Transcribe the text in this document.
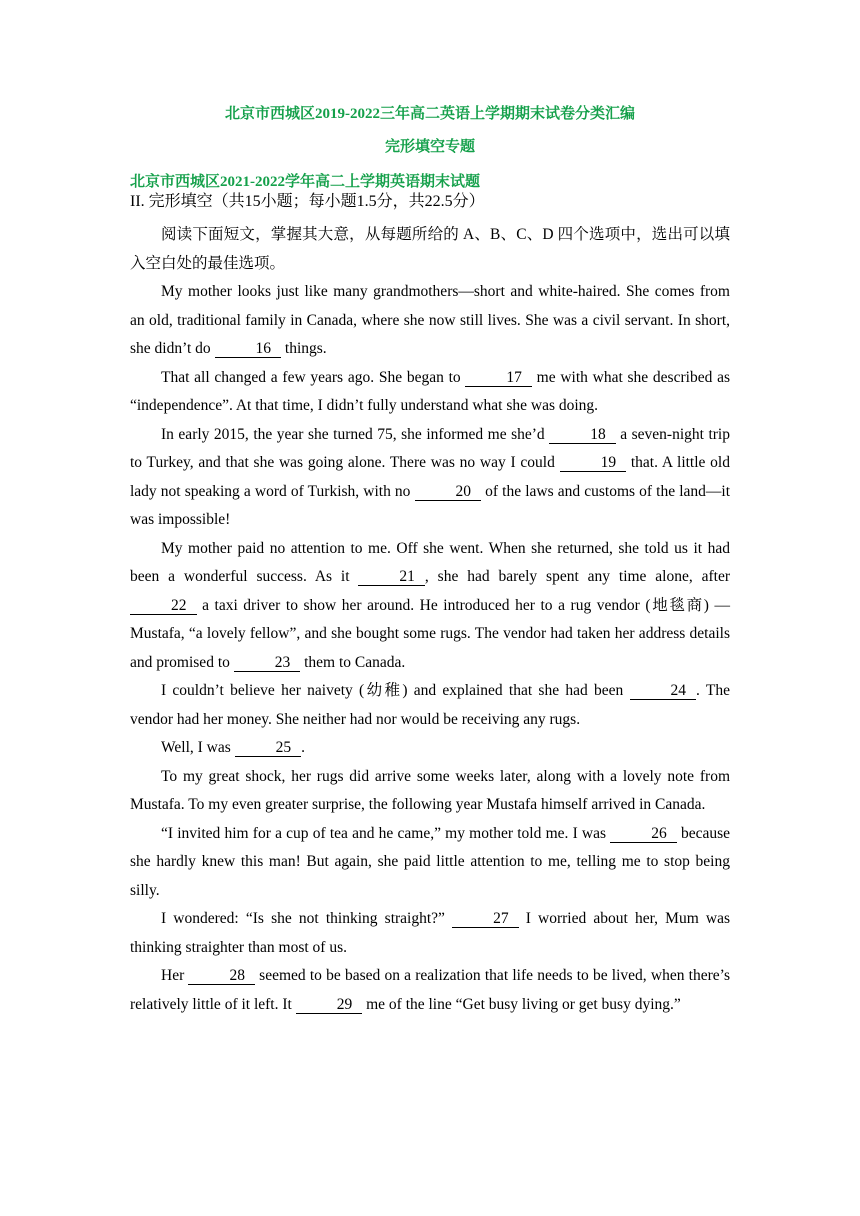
北京市西城区2019-2022三年高二英语上学期期末试卷分类汇编
完形填空专题
北京市西城区2021-2022学年高二上学期英语期末试题
II. 完形填空（共15小题；每小题1.5分，共22.5分）

阅读下面短文，掌握其大意，从每题所给的 A、B、C、D 四个选项中，选出可以填入空白处的最佳选项。

My mother looks just like many grandmothers—short and white-haired. She comes from an old, traditional family in Canada, where she now still lives. She was a civil servant. In short, she didn’t do	16 things.

That all changed a few years ago. She began to	17 me with what she described as “independence”. At that time, I didn’t fully understand what she was doing.

In early 2015, the year she turned 75, she informed me she’d	18 a seven-night trip to Turkey, and that she was going alone. There was no way I could	19 that. A little old lady not speaking a word of Turkish, with no	20 of the laws and customs of the land—it was impossible!

My mother paid no attention to me. Off she went. When she returned, she told us it had been a wonderful success. As it	21 , she had barely spent any time alone, after 22 a taxi driver to show her around. He introduced her to a rug vendor (地毯商) —Mustafa, “a lovely fellow”, and she bought some rugs. The vendor had taken her address details and promised to	23 them to Canada.

I couldn’t believe her naivety (幼稚) and explained that she had been	24 . The vendor had her money. She neither had nor would be receiving any rugs.

Well, I was	25 .

To my great shock, her rugs did arrive some weeks later, along with a lovely note from Mustafa. To my even greater surprise, the following year Mustafa himself arrived in Canada.

“I invited him for a cup of tea and he came,” my mother told me. I was	26 because she hardly knew this man! But again, she paid little attention to me, telling me to stop being silly.

I wondered: “Is she not thinking straight?”	27 I worried about her, Mum was thinking straighter than most of us.

Her	28 seemed to be based on a realization that life needs to be lived, when there’s relatively little of it left. It	29 me of the line “Get busy living or get busy dying.”
